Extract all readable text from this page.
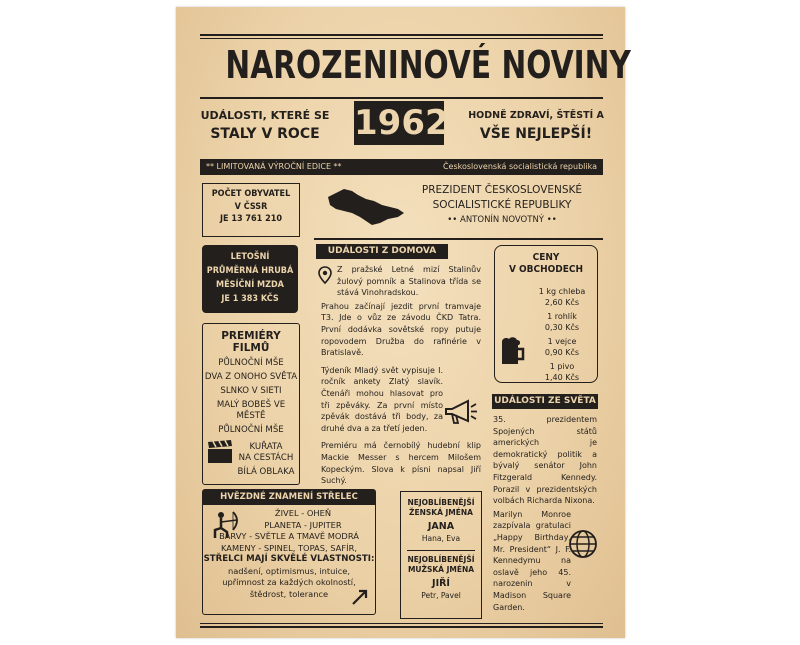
NAROZENINOVÉ NOVINY
UDÁLOSTI, KTERÉ SE
STALY V ROCE	1962 HODNĚ ZDRAVÍ, ŠTĚSTÍ A
VŠE NEJLEPŠÍ!
** LIMITOVANÁ VÝROČNÍ EDICE **	Československá socialistická republika
POČET OBYVATEL
V ČSSR
JE 13 761 210
PREZIDENT ČESKOSLOVENSKÉ
SOCIALISTICKÉ REPUBLIKY
•• ANTONÍN NOVOTNÝ ••
LETOŠNÍ
PRŮMĚRNÁ HRUBÁ
MĚSÍČNÍ MZDA
JE 1 383 KČS
PREMIÉRY FILMŮ
PŮLNOČNÍ MŠE
DVA Z ONOHO SVĚTA
SLNKO V SIETI
MALÝ BOBEŠ VE
MĚSTĚ
PŮLNOČNÍ MŠE
KUŘATA
NA CESTÁCH
BÍLÁ OBLAKA
UDÁLOSTI Z DOMOVA
Z pražské Letné mizí Stalinův žulový pomník a Stalinova třída se stává Vinohradskou.
Prahou začínají jezdit první tramvaje T3. Jde o vůz ze závodu ČKD Tatra. První dodávka sovětské ropy putuje ropovodem Družba do rafinérie v Bratislavě.
Týdeník Mladý svět vypisuje I. ročník ankety Zlatý slavík. Čtenáři mohou hlasovat pro tři zpěváky. Za první místo zpěvák dostává tři body, za druhé dva a za třetí jeden.
Premiéru má černobílý hudební klip Mackie Messer s hercem Milošem Kopeckým. Slova k písni napsal Jiří Suchý.
CENY
V OBCHODECH
1 kg chleba
2,60 Kčs
1 rohlík
0,30 Kčs
1 vejce
0,90 Kčs
1 pivo
1,40 Kčs
UDÁLOSTI ZE SVĚTA
35. prezidentem Spojených států amerických je demokratický politik a bývalý senátor John Fitzgerald Kennedy. Porazil v prezidentských volbách Richarda Nixona.
Marilyn Monroe zazpívala gratulaci „Happy Birthday, Mr. President“ J. F. Kennedymu na oslavě jeho 45. narozenin v Madison Square Garden.
HVĚZDNÉ ZNAMENÍ STŘELEC
ŽIVEL - OHEŇ
PLANETA - JUPITER
BARVY - SVĚTLE A TMAVĚ MODRÁ
KAMENY - SPINEL, TOPAS, SAFÍR,
STŘELCI MAJÍ SKVĚLÉ VLASTNOSTI:
nadšení, optimismus, intuice,
upřímnost za každých okolností,
štědrost, tolerance
NEJOBLÍBENĚJŠÍ
ŽENSKÁ JMÉNA
JANA
Hana, Eva
NEJOBLÍBENĚJŠÍ
MUŽSKÁ JMÉNA
JIŘÍ
Petr, Pavel
